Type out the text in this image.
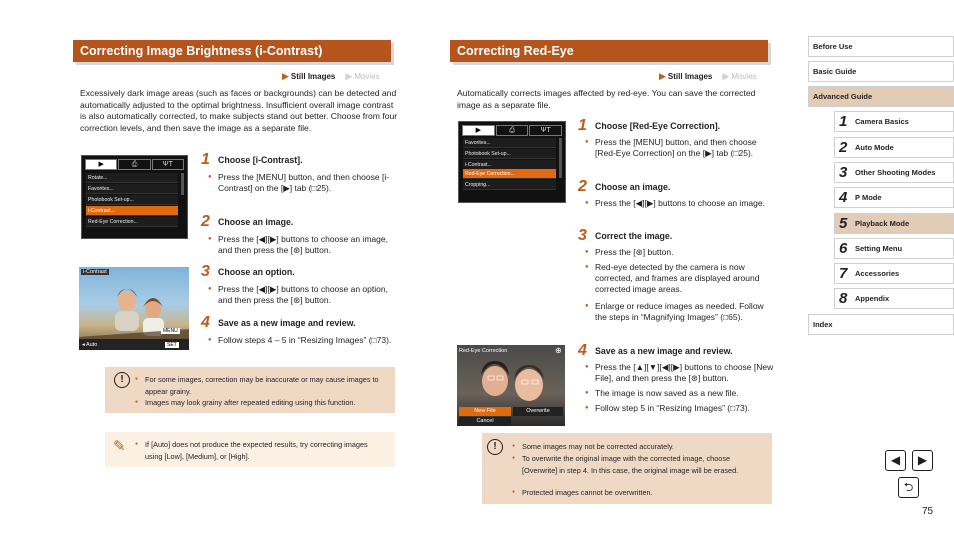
Correcting Image Brightness (i-Contrast)
▶ Still Images ▶ Movies
Excessively dark image areas (such as faces or backgrounds) can be detected and automatically adjusted to the optimal brightness. Insufficient overall image contrast is also automatically corrected, to make subjects stand out better. Choose from four correction levels, and then save the image as a separate file.
▶	⎙	ΨΤ
Rotate...
Favorites...
Photobook Set-up...
i-Contrast...
Red-Eye Correction...
i-Contrast
MENU
◂ Auto	SET
1 Choose [i-Contrast].
● Press the [MENU] button, and then choose [i-Contrast] on the [▶] tab (□25).
2 Choose an image.
● Press the [◀][▶] buttons to choose an image, and then press the [⊛] button.
3 Choose an option.
● Press the [◀][▶] buttons to choose an option, and then press the [⊛] button.
4 Save as a new image and review.
● Follow steps 4 – 5 in “Resizing Images” (□73).
!	● For some images, correction may be inaccurate or may cause images to appear grainy.
● Images may look grainy after repeated editing using this function.
✎	● If [Auto] does not produce the expected results, try correcting images using [Low], [Medium], or [High].
Correcting Red-Eye
▶ Still Images ▶ Movies
Automatically corrects images affected by red-eye. You can save the corrected image as a separate file.
▶	⎙	ΨΤ
Favorites...
Photobook Set-up...
i-Contrast...
Red-Eye Correction...
Cropping...
Red-Eye Correction	⊕
New File	Overwrite
Cancel
1 Choose [Red-Eye Correction].
● Press the [MENU] button, and then choose [Red-Eye Correction] on the [▶] tab (□25).
2 Choose an image.
● Press the [◀][▶] buttons to choose an image.
3 Correct the image.
● Press the [⊛] button.
● Red-eye detected by the camera is now corrected, and frames are displayed around corrected image areas.
● Enlarge or reduce images as needed. Follow the steps in “Magnifying Images” (□65).
4 Save as a new image and review.
● Press the [▲][▼][◀][▶] buttons to choose [New File], and then press the [⊛] button.
● The image is now saved as a new file.
● Follow step 5 in “Resizing Images” (□73).
!	● Some images may not be corrected accurately.
● To overwrite the original image with the corrected image, choose [Overwrite] in step 4. In this case, the original image will be erased.
● Protected images cannot be overwritten.
Before Use
Basic Guide
Advanced Guide
1 Camera Basics
2 Auto Mode
3 Other Shooting Modes
4 P Mode
5 Playback Mode
6 Setting Menu
7 Accessories
8 Appendix
Index
◀	▶
⮌
75
